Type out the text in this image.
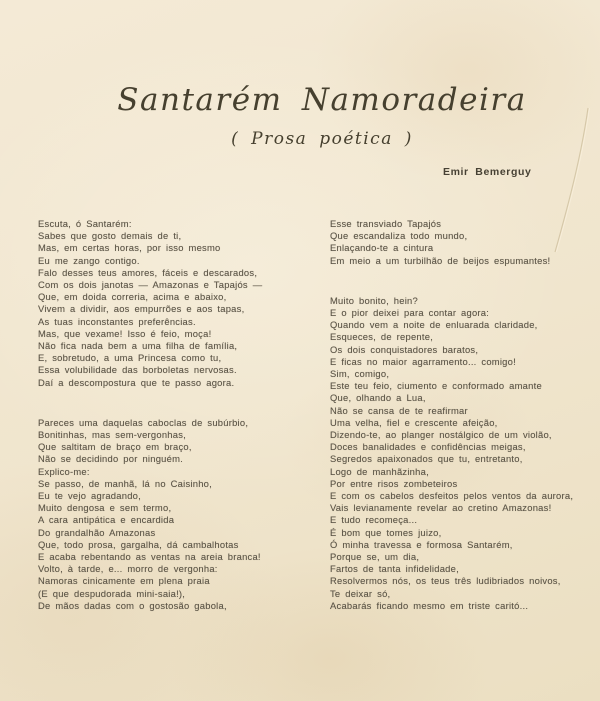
Santarém Namoradeira
( Prosa poética )
Emir Bemerguy
Escuta, ó Santarém:
Sabes que gosto demais de ti,
Mas, em certas horas, por isso mesmo
Eu me zango contigo.
Falo desses teus amores, fáceis e descarados,
Com os dois janotas — Amazonas e Tapajós —
Que, em doida correria, acima e abaixo,
Vivem a dividir, aos empurrões e aos tapas,
As tuas inconstantes preferências.
Mas, que vexame! Isso é feio, moça!
Não fica nada bem a uma filha de família,
E, sobretudo, a uma Princesa como tu,
Essa volubilidade das borboletas nervosas.
Daí a descompostura que te passo agora.
Pareces uma daquelas caboclas de subúrbio,
Bonitinhas, mas sem-vergonhas,
Que saltitam de braço em braço,
Não se decidindo por ninguém.
Explico-me:
Se passo, de manhã, lá no Caisinho,
Eu te vejo agradando,
Muito dengosa e sem termo,
A cara antipática e encardida
Do grandalhão Amazonas
Que, todo prosa, gargalha, dá cambalhotas
E acaba rebentando as ventas na areia branca!
Volto, à tarde, e... morro de vergonha:
Namoras cinicamente em plena praia
(E que despudorada mini-saia!),
De mãos dadas com o gostosão gabola,
Esse transviado Tapajós
Que escandaliza todo mundo,
Enlaçando-te a cintura
Em meio a um turbilhão de beijos espumantes!
Muito bonito, hein?
E o pior deixei para contar agora:
Quando vem a noite de enluarada claridade,
Esqueces, de repente,
Os dois conquistadores baratos,
E ficas no maior agarramento... comigo!
Sim, comigo,
Este teu feio, ciumento e conformado amante
Que, olhando a Lua,
Não se cansa de te reafirmar
Uma velha, fiel e crescente afeição,
Dizendo-te, ao planger nostálgico de um violão,
Doces banalidades e confidências meigas,
Segredos apaixonados que tu, entretanto,
Logo de manhãzinha,
Por entre risos zombeteiros
E com os cabelos desfeitos pelos ventos da aurora,
Vais levianamente revelar ao cretino Amazonas!
E tudo recomeça...
É bom que tomes juizo,
Ó minha travessa e formosa Santarém,
Porque se, um dia,
Fartos de tanta infidelidade,
Resolvermos nós, os teus três ludibriados noivos,
Te deixar só,
Acabarás ficando mesmo em triste caritó...
